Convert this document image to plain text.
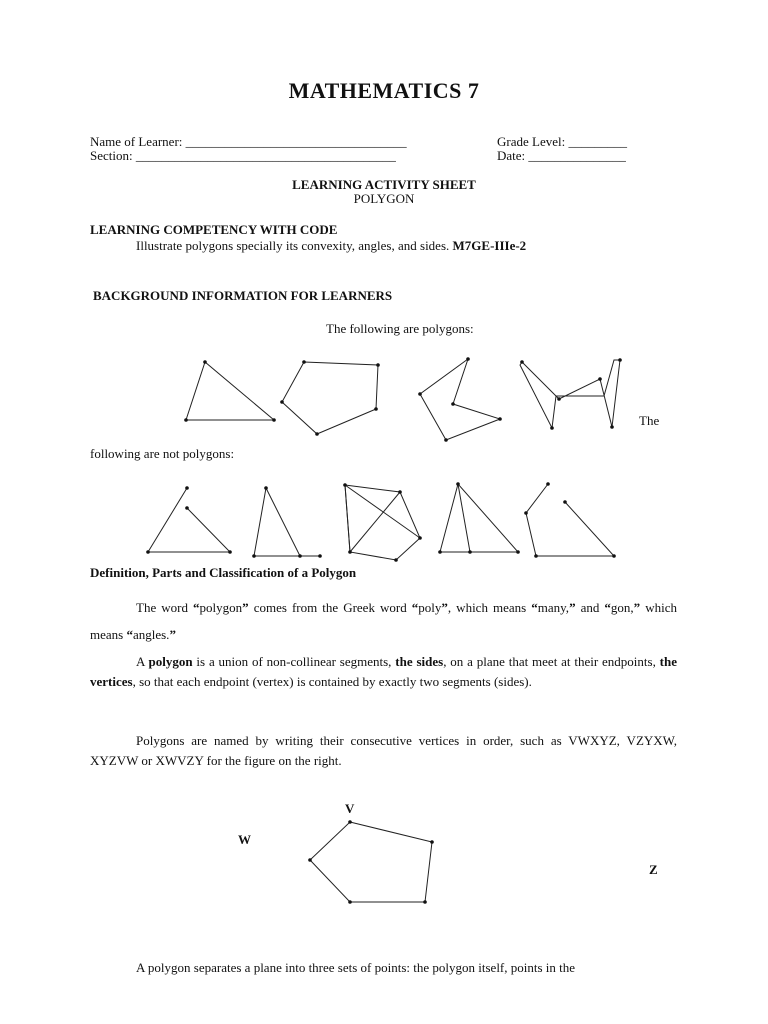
MATHEMATICS 7
Name of Learner: __________________________________	Grade Level: _________
Section: ________________________________________	Date: _______________
LEARNING ACTIVITY SHEET
POLYGON
LEARNING COMPETENCY WITH CODE
Illustrate polygons specially its convexity, angles, and sides. M7GE-IIIe-2
BACKGROUND INFORMATION FOR LEARNERS
The following are polygons:
The
following are not polygons:
Definition, Parts and Classification of a Polygon
The word “polygon” comes from the Greek word “poly”, which means “many,” and “gon,” which means “angles.”
A polygon is a union of non-collinear segments, the sides, on a plane that meet at their endpoints, the vertices, so that each endpoint (vertex) is contained by exactly two segments (sides).
Polygons are named by writing their consecutive vertices in order, such as VWXYZ, VZYXW, XYZVW or XWVZY for the figure on the right.
V
W
Z
A polygon separates a plane into three sets of points: the polygon itself, points in the
